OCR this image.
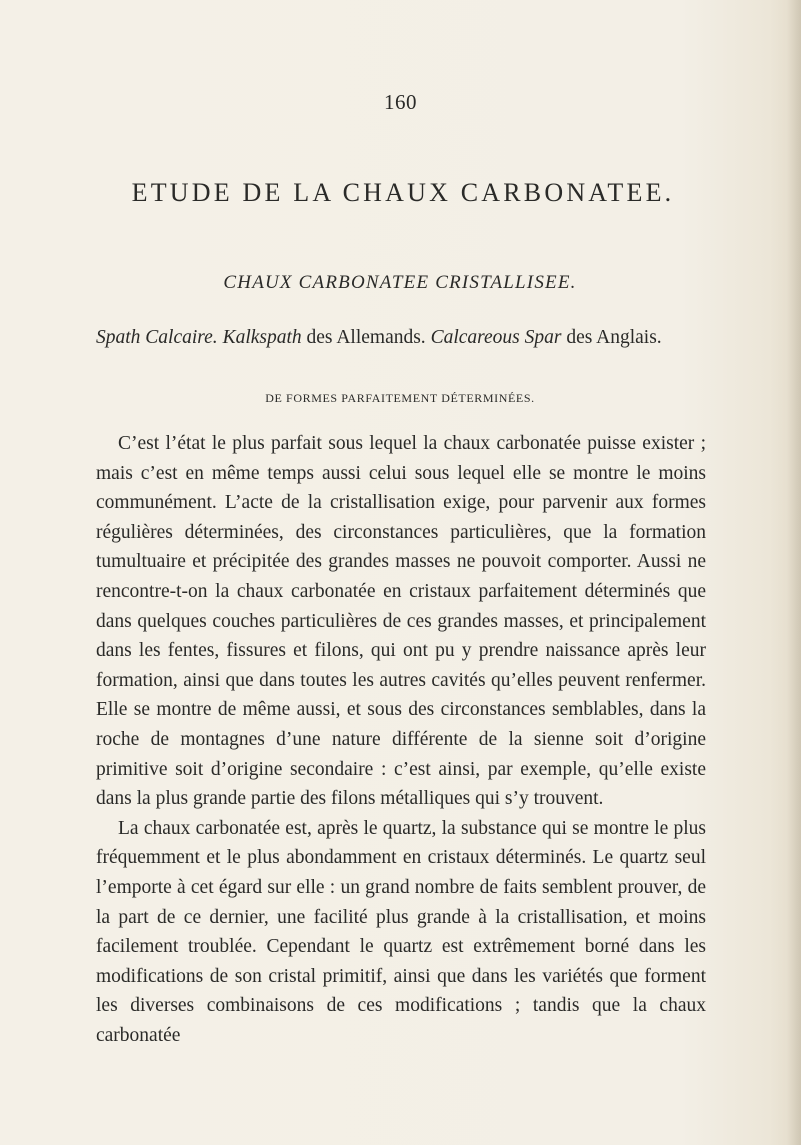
160
ETUDE DE LA CHAUX CARBONATEE.
CHAUX CARBONATEE CRISTALLISEE.
Spath Calcaire. Kalkspath des Allemands. Calcareous Spar des Anglais.
DE FORMES PARFAITEMENT DÉTERMINÉES.

C’est l’état le plus parfait sous lequel la chaux carbonatée puisse exister ; mais c’est en même temps aussi celui sous lequel elle se montre le moins communément. L’acte de la cristallisation exige, pour parvenir aux formes régulières déterminées, des circonstances particulières, que la formation tumultuaire et précipitée des grandes masses ne pouvoit comporter. Aussi ne rencontre-t-on la chaux carbonatée en cristaux parfaitement déterminés que dans quelques couches particulières de ces grandes masses, et principalement dans les fentes, fissures et filons, qui ont pu y prendre naissance après leur formation, ainsi que dans toutes les autres cavités qu’elles peuvent renfermer. Elle se montre de même aussi, et sous des circonstances semblables, dans la roche de montagnes d’une nature différente de la sienne soit d’origine primitive soit d’origine secondaire : c’est ainsi, par exemple, qu’elle existe dans la plus grande partie des filons métalliques qui s’y trouvent.

La chaux carbonatée est, après le quartz, la substance qui se montre le plus fréquemment et le plus abondamment en cristaux déterminés. Le quartz seul l’emporte à cet égard sur elle : un grand nombre de faits semblent prouver, de la part de ce dernier, une facilité plus grande à la cristallisation, et moins facilement troublée. Cependant le quartz est extrêmement borné dans les modifications de son cristal primitif, ainsi que dans les variétés que forment les diverses combinaisons de ces modifications ; tandis que la chaux carbonatée
